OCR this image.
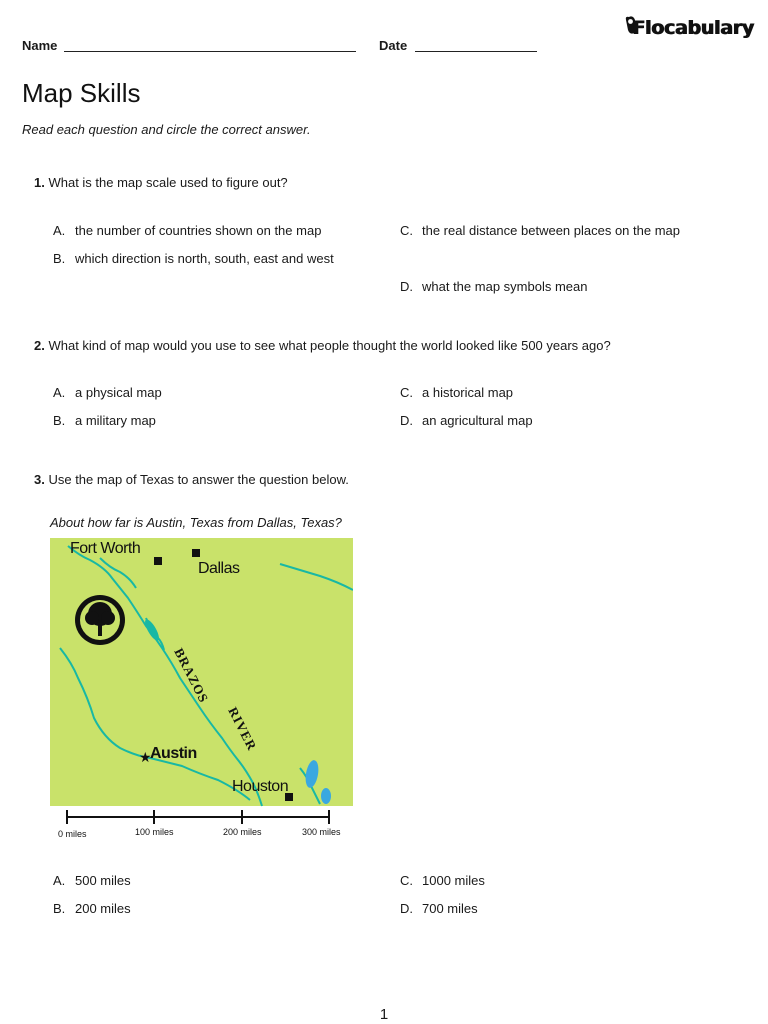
Name	Date
Flocabulary
Map Skills
Read each question and circle the correct answer.
1. What is the map scale used to figure out?
A. the number of countries shown on the map
B. which direction is north, south, east and west
C. the real distance between places on the map
D. what the map symbols mean
2. What kind of map would you use to see what people thought the world looked like 500 years ago?
A. a physical map
B. a military map
C. a historical map
D. an agricultural map
3. Use the map of Texas to answer the question below.
About how far is Austin, Texas from Dallas, Texas?
★
Fort Worth
Dallas
Austin
Houston
BRAZOS
RIVER
0 miles	100 miles	200 miles	300 miles
A. 500 miles
B. 200 miles
C. 1000 miles
D. 700 miles
1
